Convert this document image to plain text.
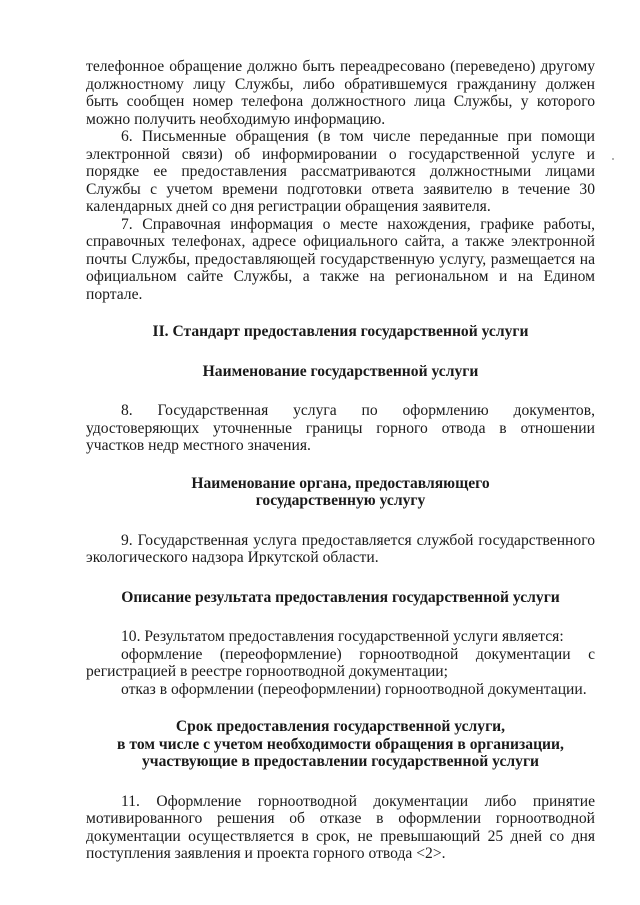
телефонное обращение должно быть переадресовано (переведено) другому должностному лицу Службы, либо обратившемуся гражданину должен быть сообщен номер телефона должностного лица Службы, у которого можно получить необходимую информацию.

6. Письменные обращения (в том числе переданные при помощи электронной связи) об информировании о государственной услуге и порядке ее предоставления рассматриваются должностными лицами Службы с учетом времени подготовки ответа заявителю в течение 30 календарных дней со дня регистрации обращения заявителя.

7. Справочная информация о месте нахождения, графике работы, справочных телефонах, адресе официального сайта, а также электронной почты Службы, предоставляющей государственную услугу, размещается на официальном сайте Службы, а также на региональном и на Едином портале.

II. Стандарт предоставления государственной услуги

Наименование государственной услуги

8. Государственная услуга по оформлению документов, удостоверяющих уточненные границы горного отвода в отношении участков недр местного значения.

Наименование органа, предоставляющего

государственную услугу

9. Государственная услуга предоставляется службой государственного экологического надзора Иркутской области.

Описание результата предоставления государственной услуги

10. Результатом предоставления государственной услуги является:

оформление (переоформление) горноотводной документации с регистрацией в реестре горноотводной документации;

отказ в оформлении (переоформлении) горноотводной документации.

Срок предоставления государственной услуги,

в том числе с учетом необходимости обращения в организации,

участвующие в предоставлении государственной услуги

11. Оформление горноотводной документации либо принятие мотивированного решения об отказе в оформлении горноотводной документации осуществляется в срок, не превышающий 25 дней со дня поступления заявления и проекта горного отвода <2>.
